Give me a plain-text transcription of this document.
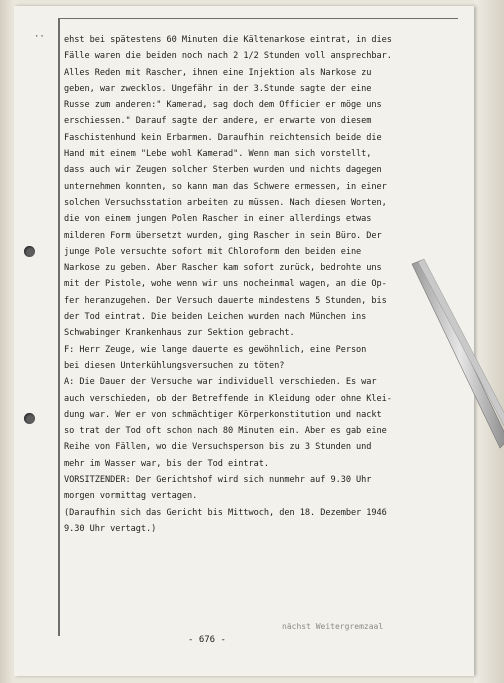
·· ehst bei spätestens 60 Minuten die Kältenarkose eintrat, in dies
Fälle waren die beiden noch nach 2 1/2 Stunden voll ansprechbar.
Alles Reden mit Rascher, ihnen eine Injektion als Narkose zu
geben, war zwecklos. Ungefähr in der 3.Stunde sagte der eine
Russe zum anderen:" Kamerad, sag doch dem Officier er möge uns
erschiessen." Darauf sagte der andere, er erwarte von diesem
Faschistenhund kein Erbarmen. Daraufhin reichtensich beide die
Hand mit einem "Lebe wohl Kamerad". Wenn man sich vorstellt,
dass auch wir Zeugen solcher Sterben wurden und nichts dagegen
unternehmen konnten, so kann man das Schwere ermessen, in einer
solchen Versuchsstation arbeiten zu müssen. Nach diesen Worten,
die von einem jungen Polen Rascher in einer allerdings etwas
milderen Form übersetzt wurden, ging Rascher in sein Büro. Der
junge Pole versuchte sofort mit Chloroform den beiden eine
Narkose zu geben. Aber Rascher kam sofort zurück, bedrohte uns
mit der Pistole, wohe wenn wir uns nocheinmal wagen, an die Op-
fer heranzugehen. Der Versuch dauerte mindestens 5 Stunden, bis
der Tod eintrat. Die beiden Leichen wurden nach München ins
Schwabinger Krankenhaus zur Sektion gebracht.
F: Herr Zeuge, wie lange dauerte es gewöhnlich, eine Person
bei diesen Unterkühlungsversuchen zu töten?
A: Die Dauer der Versuche war individuell verschieden. Es war
auch verschieden, ob der Betreffende in Kleidung oder ohne Klei-
dung war. Wer er von schmächtiger Körperkonstitution und nackt
so trat der Tod oft schon nach 80 Minuten ein. Aber es gab eine
Reihe von Fällen, wo die Versuchsperson bis zu 3 Stunden und
mehr im Wasser war, bis der Tod eintrat.
VORSITZENDER: Der Gerichtshof wird sich nunmehr auf 9.30 Uhr
morgen vormittag vertagen.
(Daraufhin sich das Gericht bis Mittwoch, den 18. Dezember 1946
9.30 Uhr vertagt.)
nächst Weitergremzaal
- 676 -
